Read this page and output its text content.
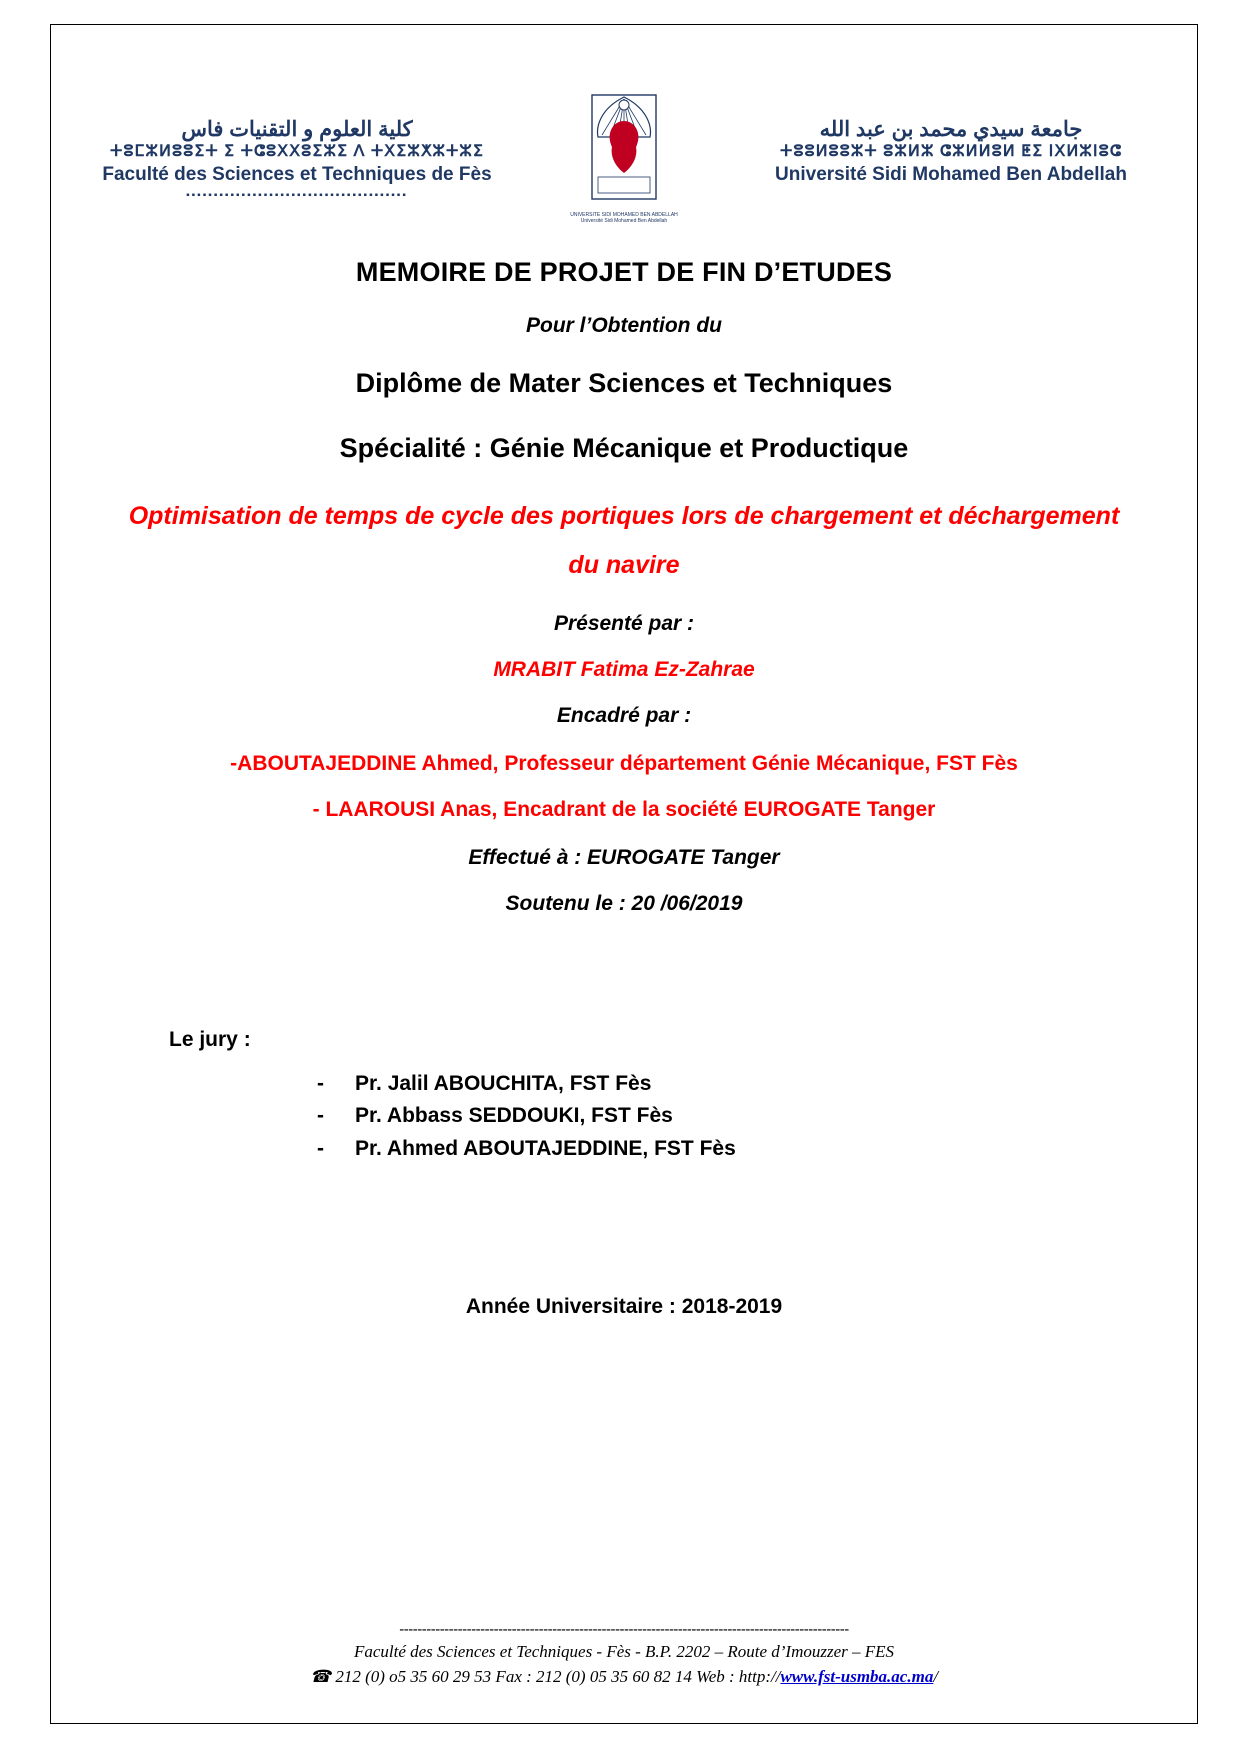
كلية العلوم و التقنيات فاس
ⵜⵓⵎⵣⵍⵓⵓⵉⵜ ⵉ ⵜⵛⵓⵝⵝⵓⵉⵣⵉ ⴷ ⵜⵝⵉⵣⵅⵣⵜⵣⵉ
Faculté des Sciences et Techniques de Fès
▪▪▪▪▪▪▪▪▪▪▪▪▪▪▪▪▪▪▪▪▪▪▪▪▪▪▪▪▪▪▪▪▪▪▪▪▪▪▪▪
UNIVERSITE SIDI MOHAMED BEN ABDELLAH Université Sidi Mohamed Ben Abdellah
جامعة سيدي محمد بن عبد الله
ⵜⵓⵓⵍⵓⵓⵣⵜ ⵓⵣⵍⵣ ⵛⵣⵍⵍⵓⵍ ⵟⵉ ⵏⵝⵍⵣⵏⵓⵛ
Université Sidi Mohamed Ben Abdellah
MEMOIRE DE PROJET DE FIN D’ETUDES
Pour l’Obtention du
Diplôme de Mater Sciences et Techniques
Spécialité : Génie Mécanique et Productique
Optimisation de temps de cycle des portiques lors de chargement et déchargement du navire
Présenté par :
MRABIT Fatima Ez-Zahrae
Encadré par :
-ABOUTAJEDDINE Ahmed, Professeur département Génie Mécanique, FST Fès
- LAAROUSI Anas, Encadrant de la société EUROGATE Tanger
Effectué à : EUROGATE Tanger
Soutenu le : 20 /06/2019
Le jury :
-	Pr. Jalil ABOUCHITA, FST Fès
-	Pr. Abbass SEDDOUKI, FST Fès
-	Pr. Ahmed ABOUTAJEDDINE, FST Fès
Année Universitaire : 2018-2019
----------------------------------------------------------------------------------------------------
Faculté des Sciences et Techniques - Fès - B.P. 2202 – Route d’Imouzzer – FES
☎ 212 (0) o5 35 60 29 53 Fax : 212 (0) 05 35 60 82 14 Web : http://www.fst-usmba.ac.ma/
